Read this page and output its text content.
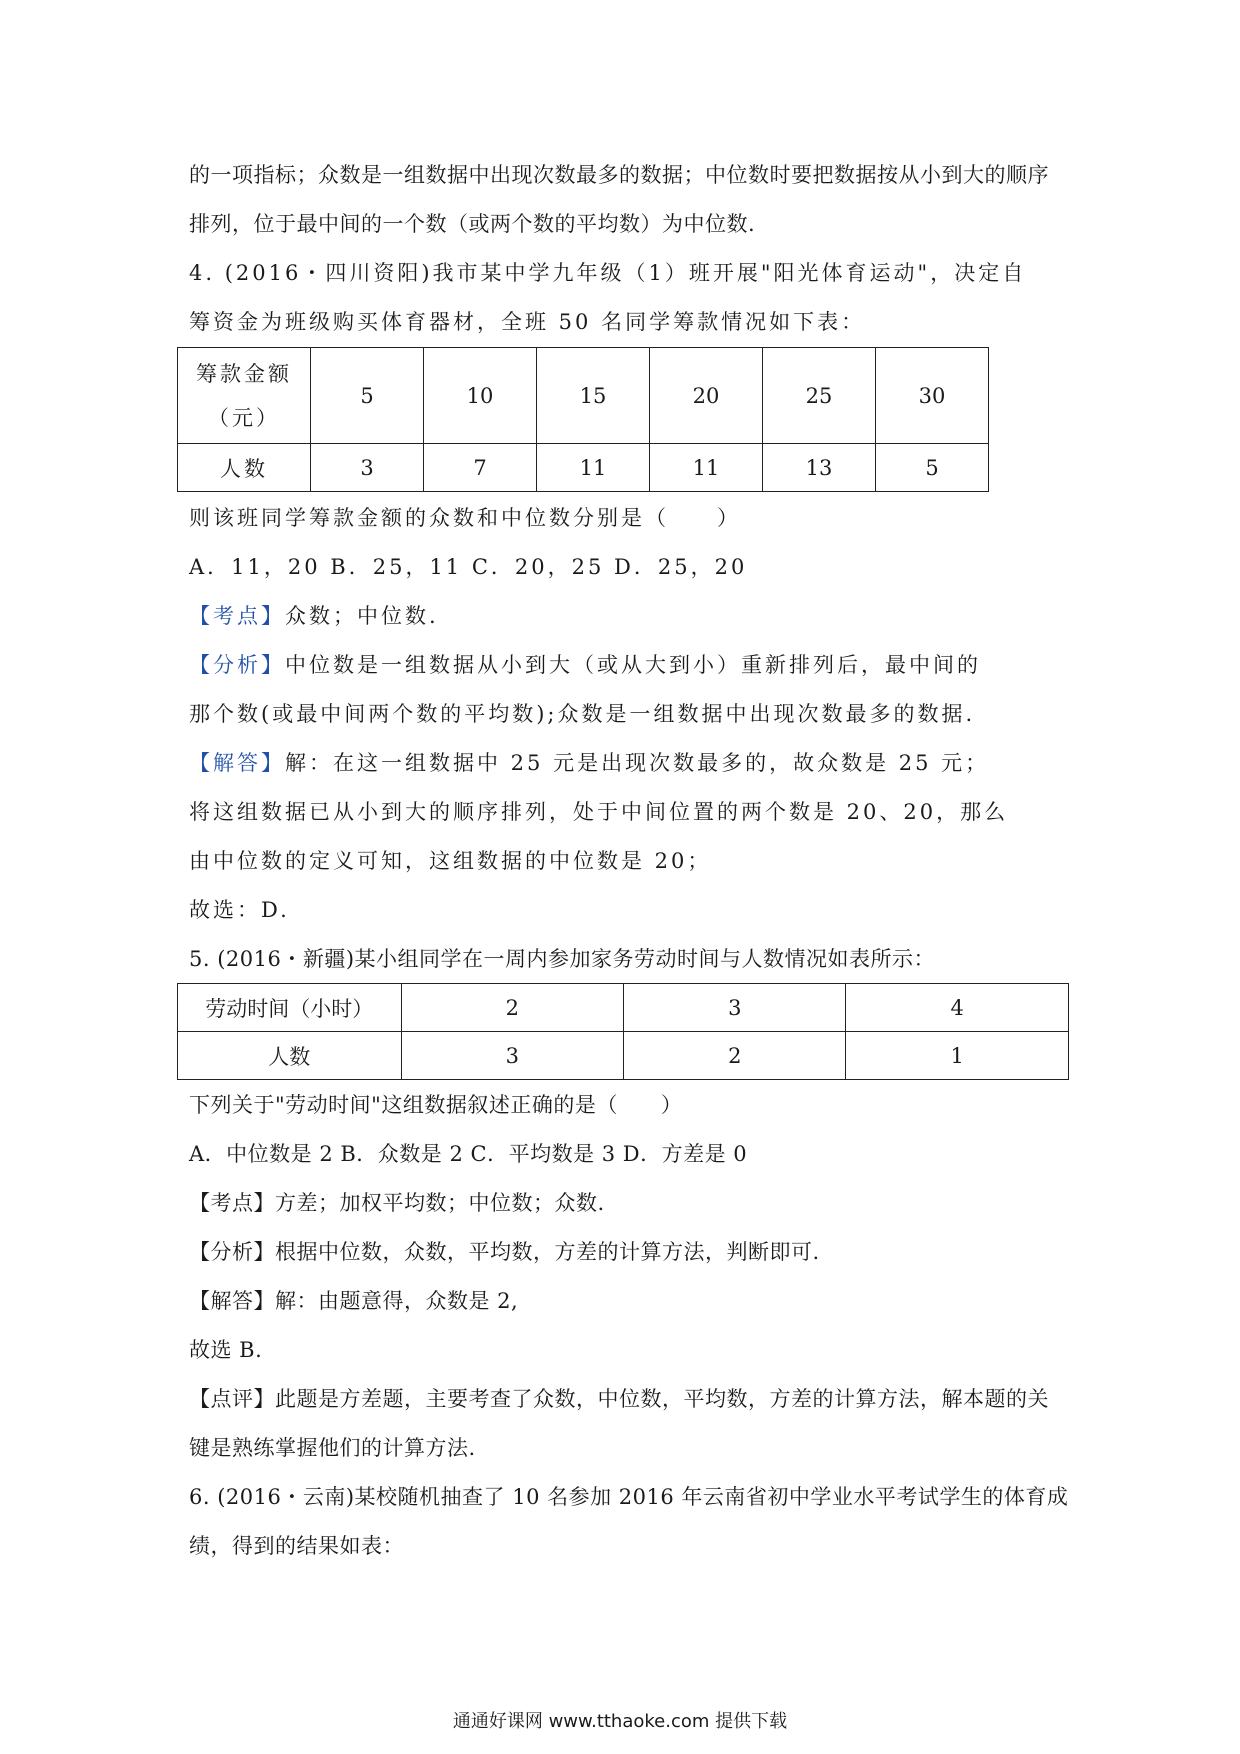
的一项指标；众数是一组数据中出现次数最多的数据；中位数时要把数据按从小到大的顺序
排列，位于最中间的一个数（或两个数的平均数）为中位数.
4. (2016・四川资阳)我市某中学九年级（1）班开展"阳光体育运动"，决定自
筹资金为班级购买体育器材，全班 50 名同学筹款情况如下表：
筹款金额
（元）	5	10	15	20	25	30
人数	3	7	11	11	13	5
则该班同学筹款金额的众数和中位数分别是（　　）
A．11，20 B．25，11 C．20，25 D．25，20
【考点】众数；中位数.
【分析】中位数是一组数据从小到大（或从大到小）重新排列后，最中间的
那个数(或最中间两个数的平均数);众数是一组数据中出现次数最多的数据.
【解答】解：在这一组数据中 25 元是出现次数最多的，故众数是 25 元；
将这组数据已从小到大的顺序排列，处于中间位置的两个数是 20、20，那么
由中位数的定义可知，这组数据的中位数是 20；
故选：D.
5. (2016・新疆)某小组同学在一周内参加家务劳动时间与人数情况如表所示：
劳动时间（小时）	2	3	4
人数	3	2	1
下列关于"劳动时间"这组数据叙述正确的是（　　）
A．中位数是 2 B．众数是 2 C．平均数是 3 D．方差是 0
【考点】方差；加权平均数；中位数；众数.
【分析】根据中位数，众数，平均数，方差的计算方法，判断即可.
【解答】解：由题意得，众数是 2,
故选 B.
【点评】此题是方差题，主要考查了众数，中位数，平均数，方差的计算方法，解本题的关
键是熟练掌握他们的计算方法.
6. (2016・云南)某校随机抽查了 10 名参加 2016 年云南省初中学业水平考试学生的体育成
绩，得到的结果如表：
通通好课网 www.tthaoke.com 提供下载
